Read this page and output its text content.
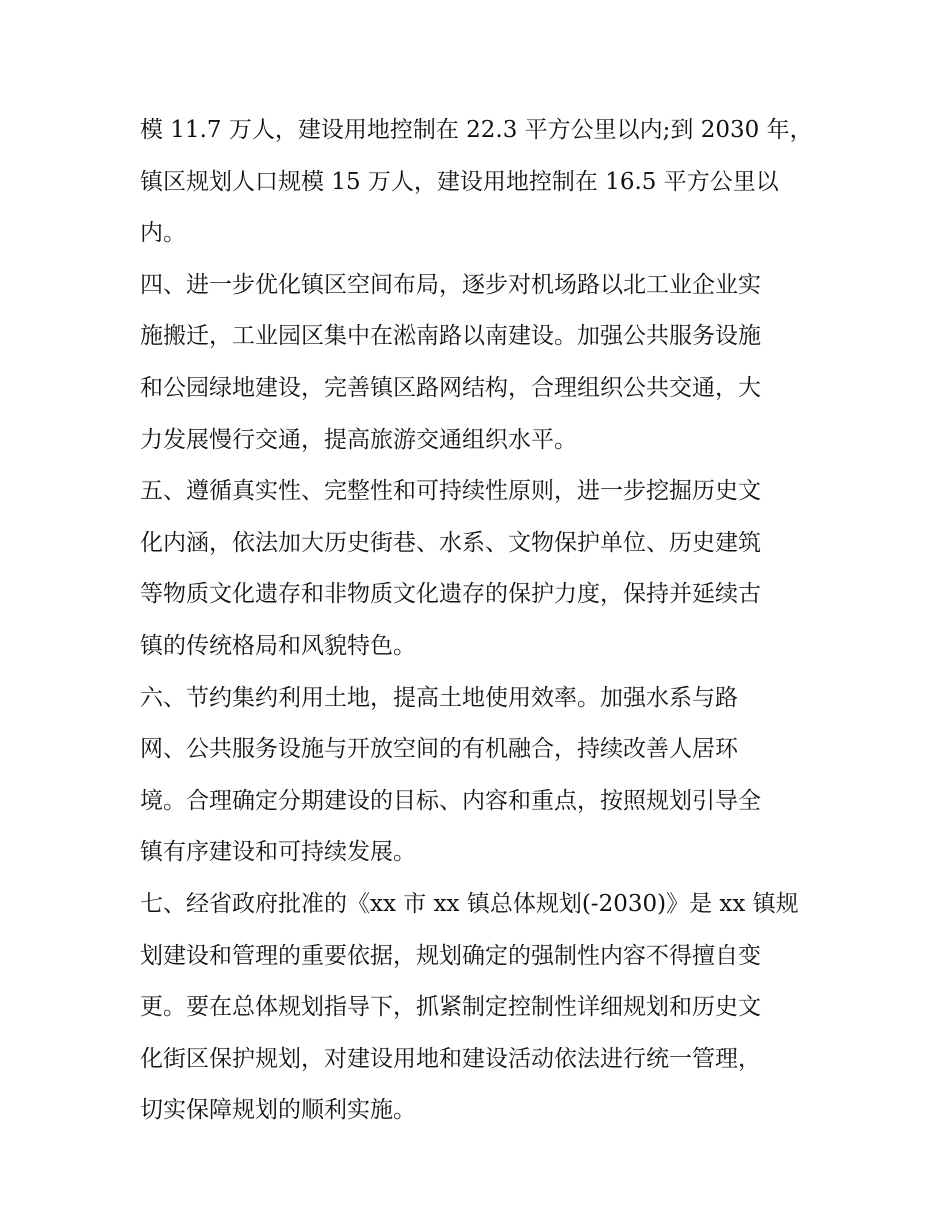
模 11.7 万人，建设用地控制在 22.3 平方公里以内;到 2030 年，
镇区规划人口规模 15 万人，建设用地控制在 16.5 平方公里以
内。
四、进一步优化镇区空间布局，逐步对机场路以北工业企业实
施搬迁，工业园区集中在淞南路以南建设。加强公共服务设施
和公园绿地建设，完善镇区路网结构，合理组织公共交通，大
力发展慢行交通，提高旅游交通组织水平。
五、遵循真实性、完整性和可持续性原则，进一步挖掘历史文
化内涵，依法加大历史街巷、水系、文物保护单位、历史建筑
等物质文化遗存和非物质文化遗存的保护力度，保持并延续古
镇的传统格局和风貌特色。
六、节约集约利用土地，提高土地使用效率。加强水系与路
网、公共服务设施与开放空间的有机融合，持续改善人居环
境。合理确定分期建设的目标、内容和重点，按照规划引导全
镇有序建设和可持续发展。
七、经省政府批准的《xx 市 xx 镇总体规划(-2030)》是 xx 镇规
划建设和管理的重要依据，规划确定的强制性内容不得擅自变
更。要在总体规划指导下，抓紧制定控制性详细规划和历史文
化街区保护规划，对建设用地和建设活动依法进行统一管理，
切实保障规划的顺利实施。
